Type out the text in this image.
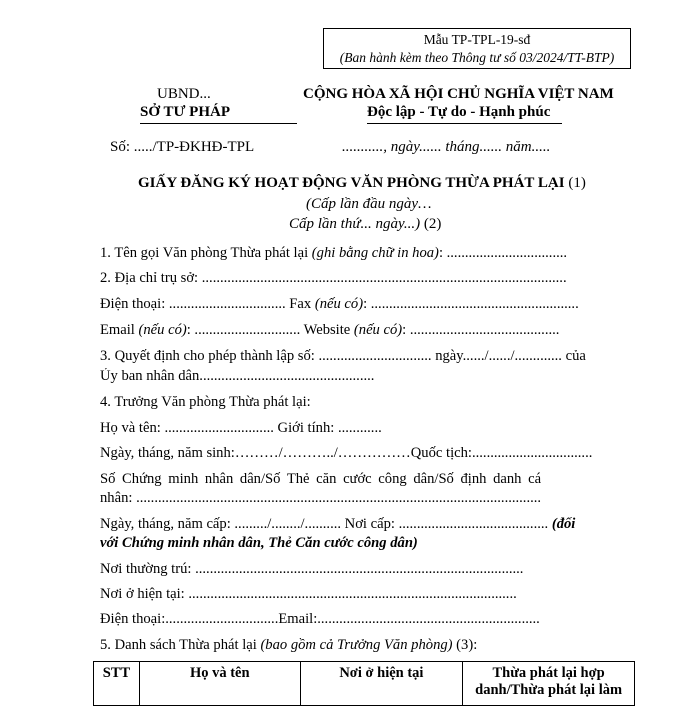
Mẫu TP-TPL-19-sđ
(Ban hành kèm theo Thông tư số 03/2024/TT-BTP)
UBND...
SỞ TƯ PHÁP
CỘNG HÒA XÃ HỘI CHỦ NGHĨA VIỆT NAM
Độc lập - Tự do - Hạnh phúc
Số: ...../TP-ĐKHĐ-TPL	..........., ngày...... tháng...... năm.....
GIẤY ĐĂNG KÝ HOẠT ĐỘNG VĂN PHÒNG THỪA PHÁT LẠI (1)
(Cấp lần đầu ngày…
Cấp lần thứ... ngày...) (2)
1. Tên gọi Văn phòng Thừa phát lại (ghi bằng chữ in hoa): .................................
2. Địa chỉ trụ sở: ....................................................................................................
Điện thoại: ................................ Fax (nếu có): .........................................................
Email (nếu có): ............................. Website (nếu có): .........................................
3. Quyết định cho phép thành lập số: ............................... ngày....../....../............. của
Ủy ban nhân dân................................................
4. Trưởng Văn phòng Thừa phát lại:
Họ và tên: .............................. Giới tính: ............
Ngày, tháng, năm sinh:………/………../……………Quốc tịch:.................................
Số Chứng minh nhân dân/Số Thẻ căn cước công dân/Số định danh cá
nhân: ...............................................................................................................
Ngày, tháng, năm cấp: ........./......../.......... Nơi cấp: ......................................... (đối
với Chứng minh nhân dân, Thẻ Căn cước công dân)
Nơi thường trú: ..........................................................................................
Nơi ở hiện tại: ..........................................................................................
Điện thoại:...............................Email:.............................................................
5. Danh sách Thừa phát lại (bao gồm cả Trưởng Văn phòng) (3):
STT	Họ và tên	Nơi ở hiện tại	Thừa phát lại hợp danh/Thừa phát lại làm
